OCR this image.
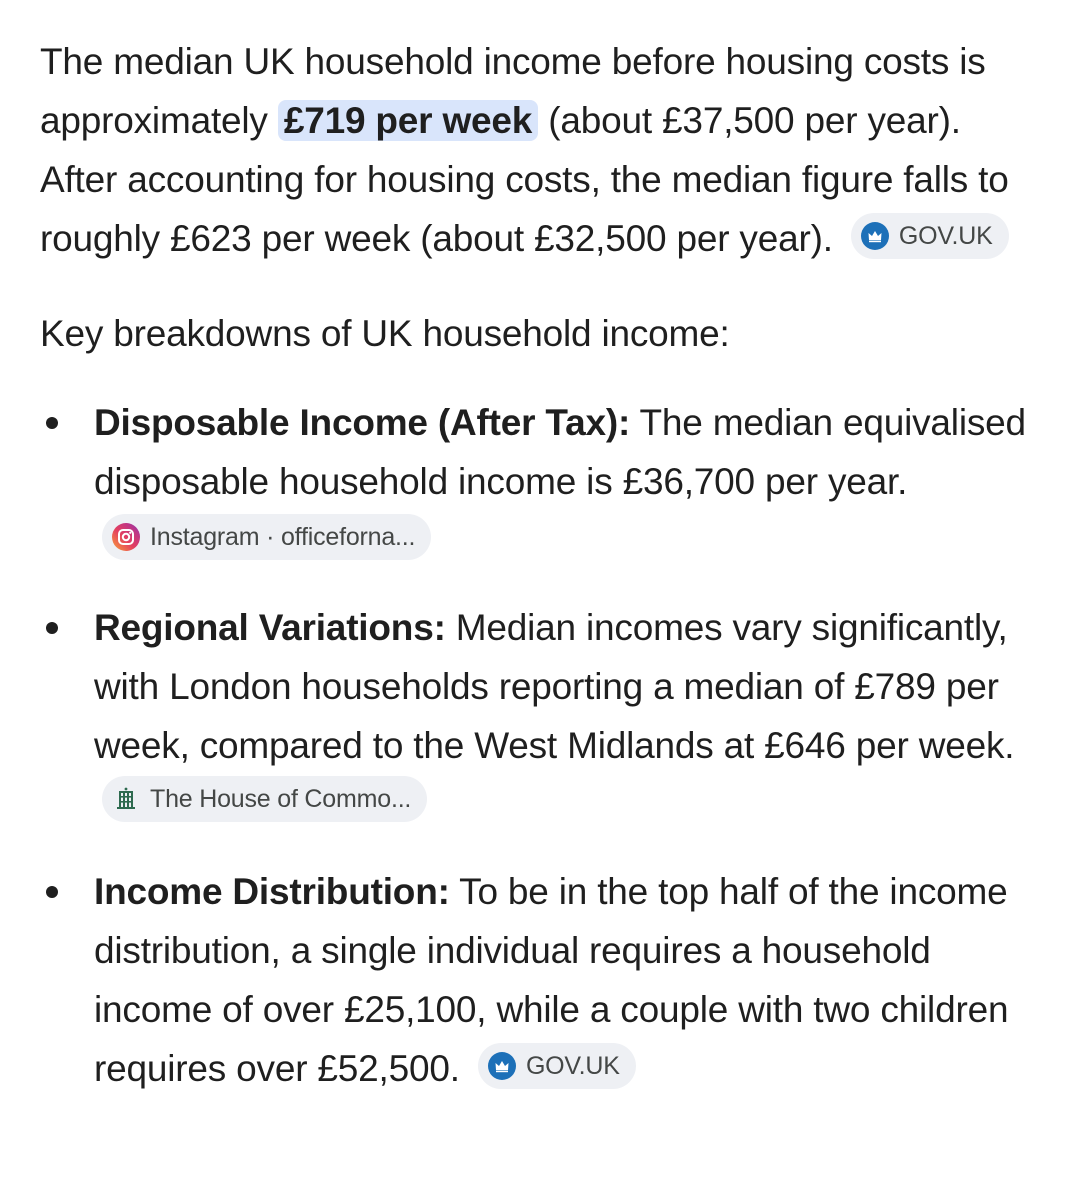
The median UK household income before housing costs is approximately £719 per week (about £37,500 per year). After accounting for housing costs, the median figure falls to roughly £623 per week (about £32,500 per year).	GOV.UK

Key breakdowns of UK household income:

Disposable Income (After Tax): The median equivalised disposable household income is £36,700 per year.
Instagram · officeforna...
Regional Variations: Median incomes vary significantly, with London households reporting a median of £789 per week, compared to the West Midlands at £646 per week.
The House of Commo...
Income Distribution: To be in the top half of the income distribution, a single individual requires a household income of over £25,100, while a couple with two children requires over £52,500.	GOV.UK
